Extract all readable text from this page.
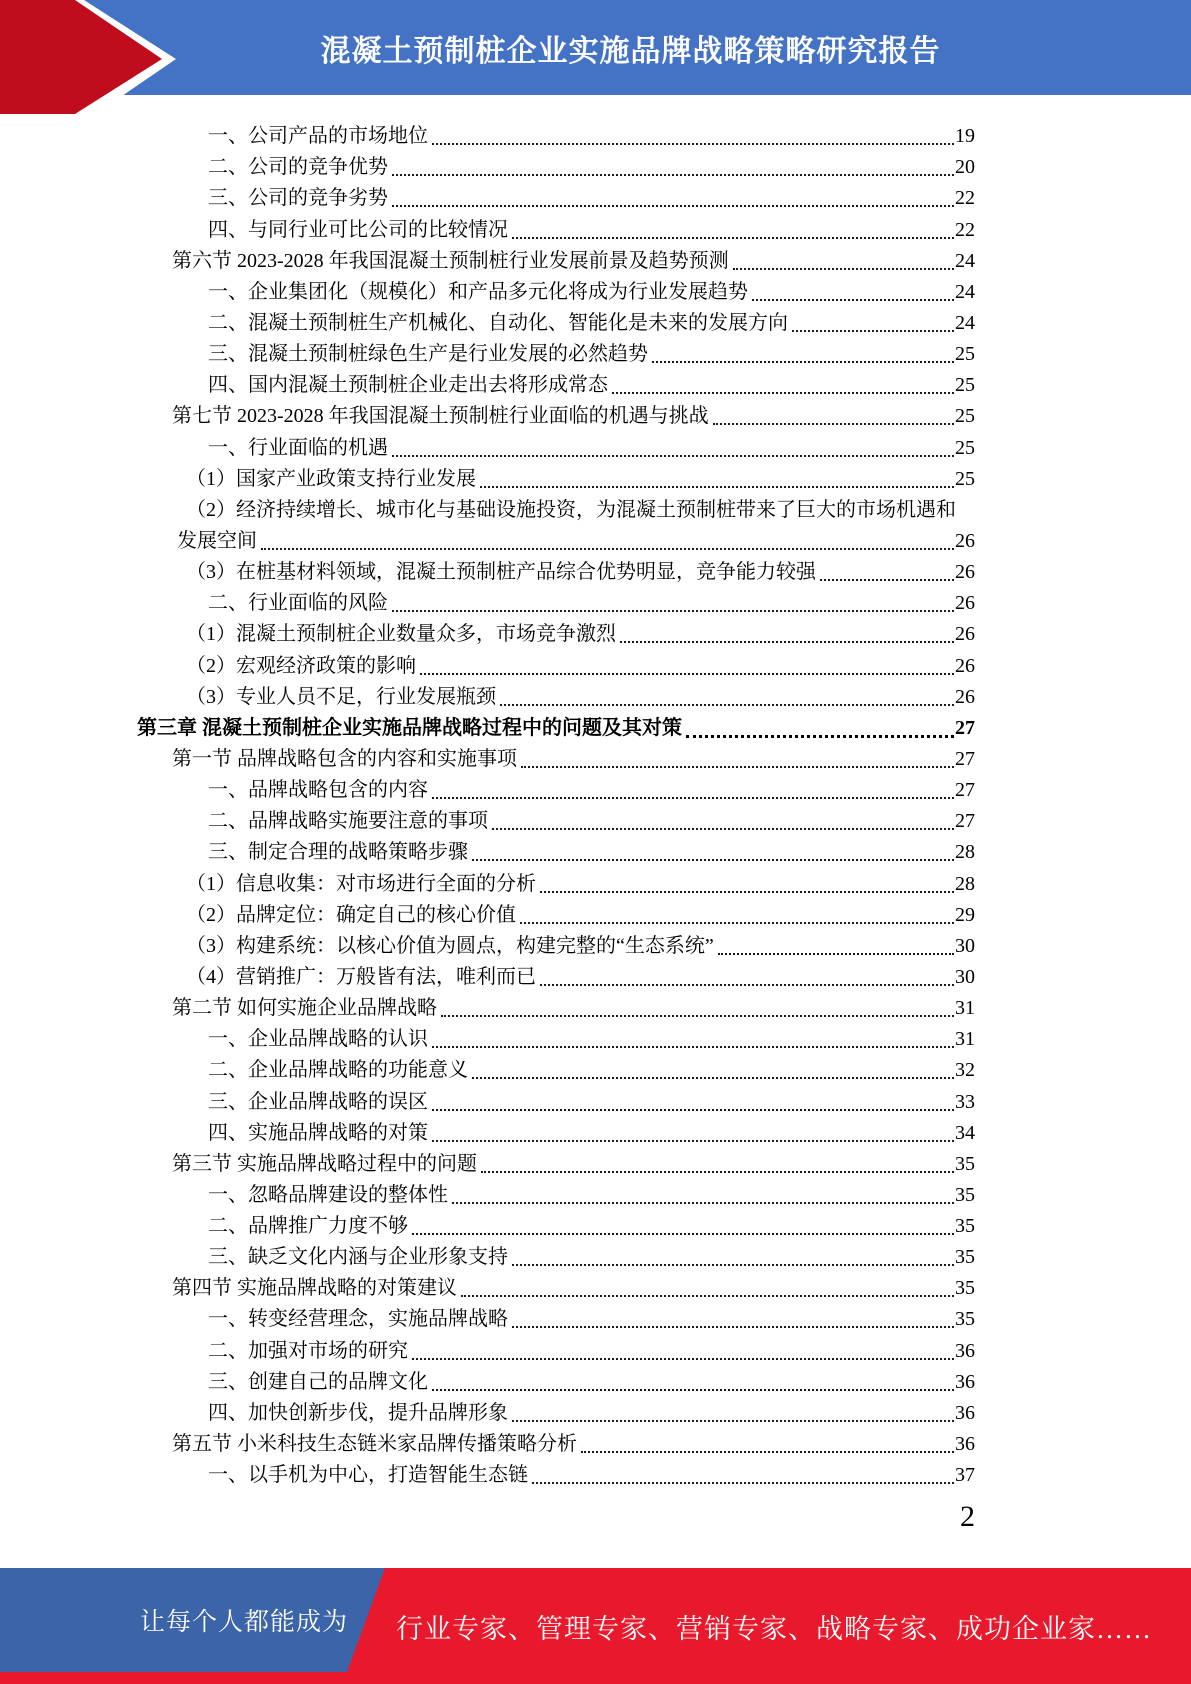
混凝土预制桩企业实施品牌战略策略研究报告
一、公司产品的市场地位	19
二、公司的竞争优势	20
三、公司的竞争劣势	22
四、与同行业可比公司的比较情况	22
第六节 2023-2028 年我国混凝土预制桩行业发展前景及趋势预测	24
一、企业集团化（规模化）和产品多元化将成为行业发展趋势	24
二、混凝土预制桩生产机械化、自动化、智能化是未来的发展方向	24
三、混凝土预制桩绿色生产是行业发展的必然趋势	25
四、国内混凝土预制桩企业走出去将形成常态	25
第七节 2023-2028 年我国混凝土预制桩行业面临的机遇与挑战	25
一、行业面临的机遇	25
（1）国家产业政策支持行业发展	25
（2）经济持续增长、城市化与基础设施投资，为混凝土预制桩带来了巨大的市场机遇和
发展空间	26
（3）在桩基材料领域，混凝土预制桩产品综合优势明显，竞争能力较强	26
二、行业面临的风险	26
（1）混凝土预制桩企业数量众多，市场竞争激烈	26
（2）宏观经济政策的影响	26
（3）专业人员不足，行业发展瓶颈	26
第三章 混凝土预制桩企业实施品牌战略过程中的问题及其对策	27
第一节 品牌战略包含的内容和实施事项	27
一、品牌战略包含的内容	27
二、品牌战略实施要注意的事项	27
三、制定合理的战略策略步骤	28
（1）信息收集：对市场进行全面的分析	28
（2）品牌定位：确定自己的核心价值	29
（3）构建系统：以核心价值为圆点，构建完整的“生态系统”	30
（4）营销推广：万般皆有法，唯利而已	30
第二节 如何实施企业品牌战略	31
一、企业品牌战略的认识	31
二、企业品牌战略的功能意义	32
三、企业品牌战略的误区	33
四、实施品牌战略的对策	34
第三节 实施品牌战略过程中的问题	35
一、忽略品牌建设的整体性	35
二、品牌推广力度不够	35
三、缺乏文化内涵与企业形象支持	35
第四节 实施品牌战略的对策建议	35
一、转变经营理念，实施品牌战略	35
二、加强对市场的研究	36
三、创建自己的品牌文化	36
四、加快创新步伐，提升品牌形象	36
第五节 小米科技生态链米家品牌传播策略分析	36
一、以手机为中心，打造智能生态链	37
2
让每个人都能成为 行业专家、管理专家、营销专家、战略专家、成功企业家……
